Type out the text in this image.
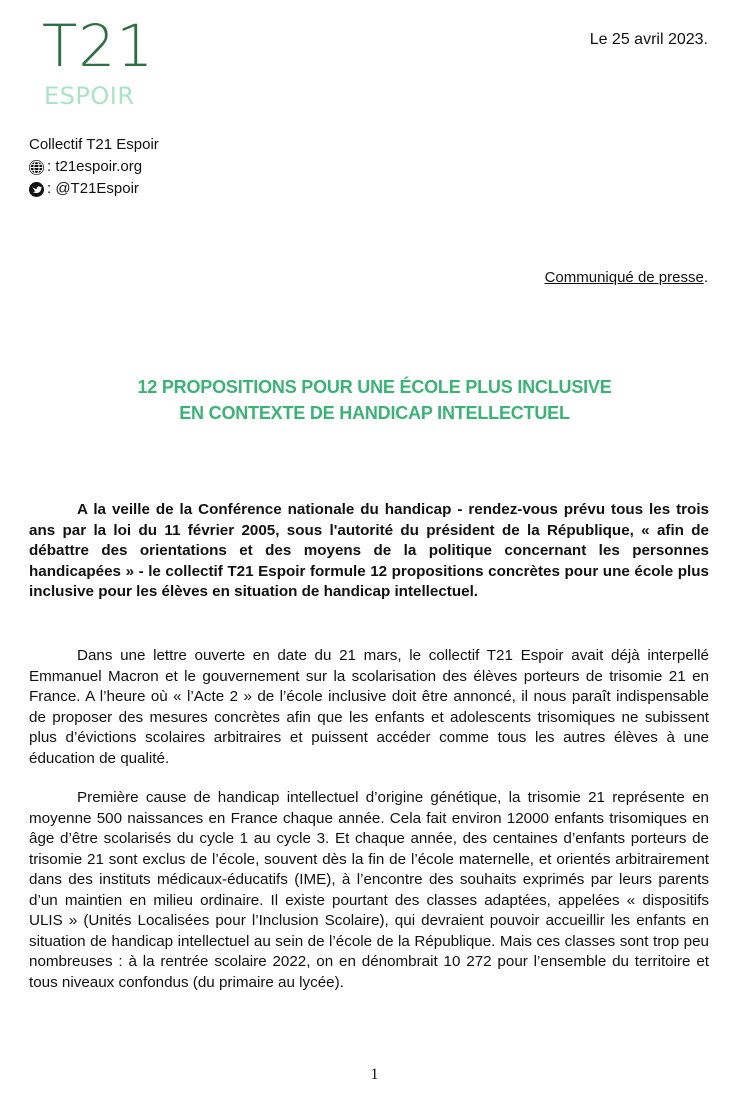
T21
ESPOIR
Le 25 avril 2023.
Collectif T21 Espoir
: t21espoir.org
: @T21Espoir
Communiqué de presse.
12 PROPOSITIONS POUR UNE ÉCOLE PLUS INCLUSIVE
EN CONTEXTE DE HANDICAP INTELLECTUEL

A la veille de la Conférence nationale du handicap - rendez-vous prévu tous les trois ans par la loi du 11 février 2005, sous l'autorité du président de la République, « afin de débattre des orientations et des moyens de la politique concernant les personnes handicapées » - le collectif T21 Espoir formule 12 propositions concrètes pour une école plus inclusive pour les élèves en situation de handicap intellectuel.

Dans une lettre ouverte en date du 21 mars, le collectif T21 Espoir avait déjà interpellé Emmanuel Macron et le gouvernement sur la scolarisation des élèves porteurs de trisomie 21 en France. A l’heure où « l’Acte 2 » de l’école inclusive doit être annoncé, il nous paraît indispensable de proposer des mesures concrètes afin que les enfants et adolescents trisomiques ne subissent plus d’évictions scolaires arbitraires et puissent accéder comme tous les autres élèves à une éducation de qualité.

Première cause de handicap intellectuel d’origine génétique, la trisomie 21 représente en moyenne 500 naissances en France chaque année. Cela fait environ 12000 enfants trisomiques en âge d’être scolarisés du cycle 1 au cycle 3. Et chaque année, des centaines d’enfants porteurs de trisomie 21 sont exclus de l’école, souvent dès la fin de l’école maternelle, et orientés arbitrairement dans des instituts médicaux-éducatifs (IME), à l’encontre des souhaits exprimés par leurs parents d’un maintien en milieu ordinaire. Il existe pourtant des classes adaptées, appelées « dispositifs ULIS » (Unités Localisées pour l’Inclusion Scolaire), qui devraient pouvoir accueillir les enfants en situation de handicap intellectuel au sein de l’école de la République. Mais ces classes sont trop peu nombreuses : à la rentrée scolaire 2022, on en dénombrait 10 272 pour l’ensemble du territoire et tous niveaux confondus (du primaire au lycée).

1
